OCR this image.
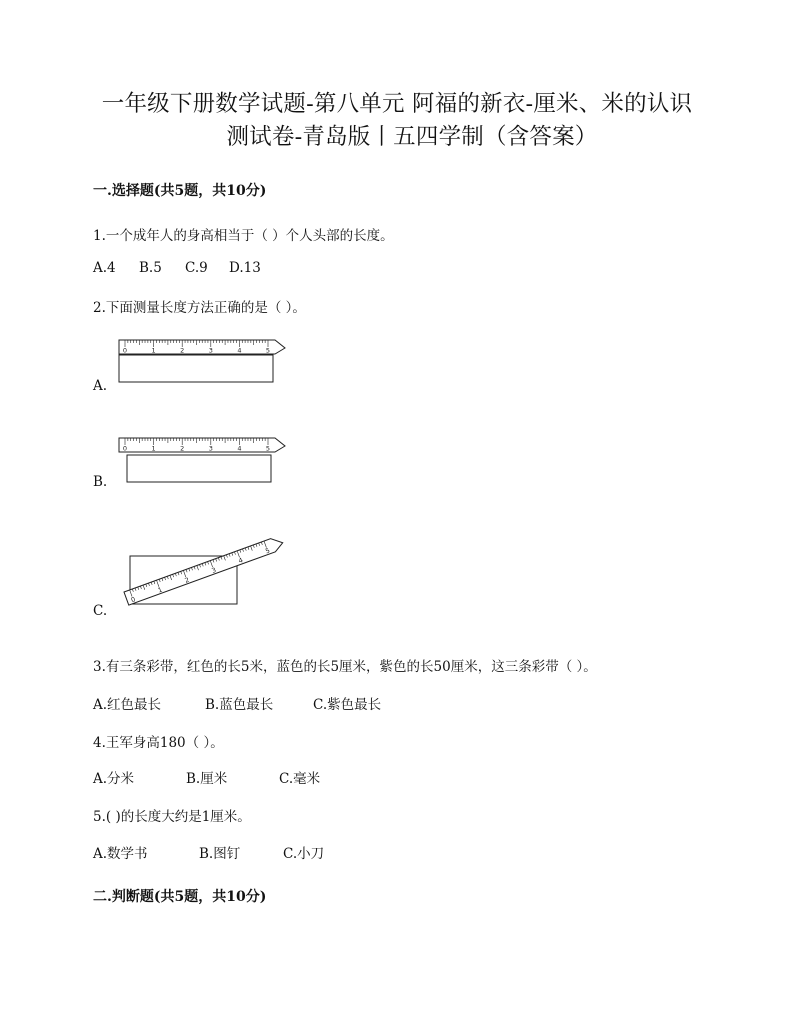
一年级下册数学试题-第八单元 阿福的新衣-厘米、米的认识
测试卷-青岛版丨五四学制（含答案）
一.选择题(共5题，共10分)
1.一个成年人的身高相当于（ ）个人头部的长度。
A.4 B.5 C.9 D.13
2.下面测量长度方法正确的是（ ）。
0	1	2	3	4	5
A.
0	1	2	3	4	5
B.
0
1
2
3
4
5
C.
3.有三条彩带，红色的长5米，蓝色的长5厘米，紫色的长50厘米，这三条彩带（ ）。
A.红色最长	B.蓝色最长	C.紫色最长
4.王军身高180（ ）。
A.分米	B.厘米	C.毫米
5.( )的长度大约是1厘米。
A.数学书	B.图钉	C.小刀
二.判断题(共5题，共10分)
